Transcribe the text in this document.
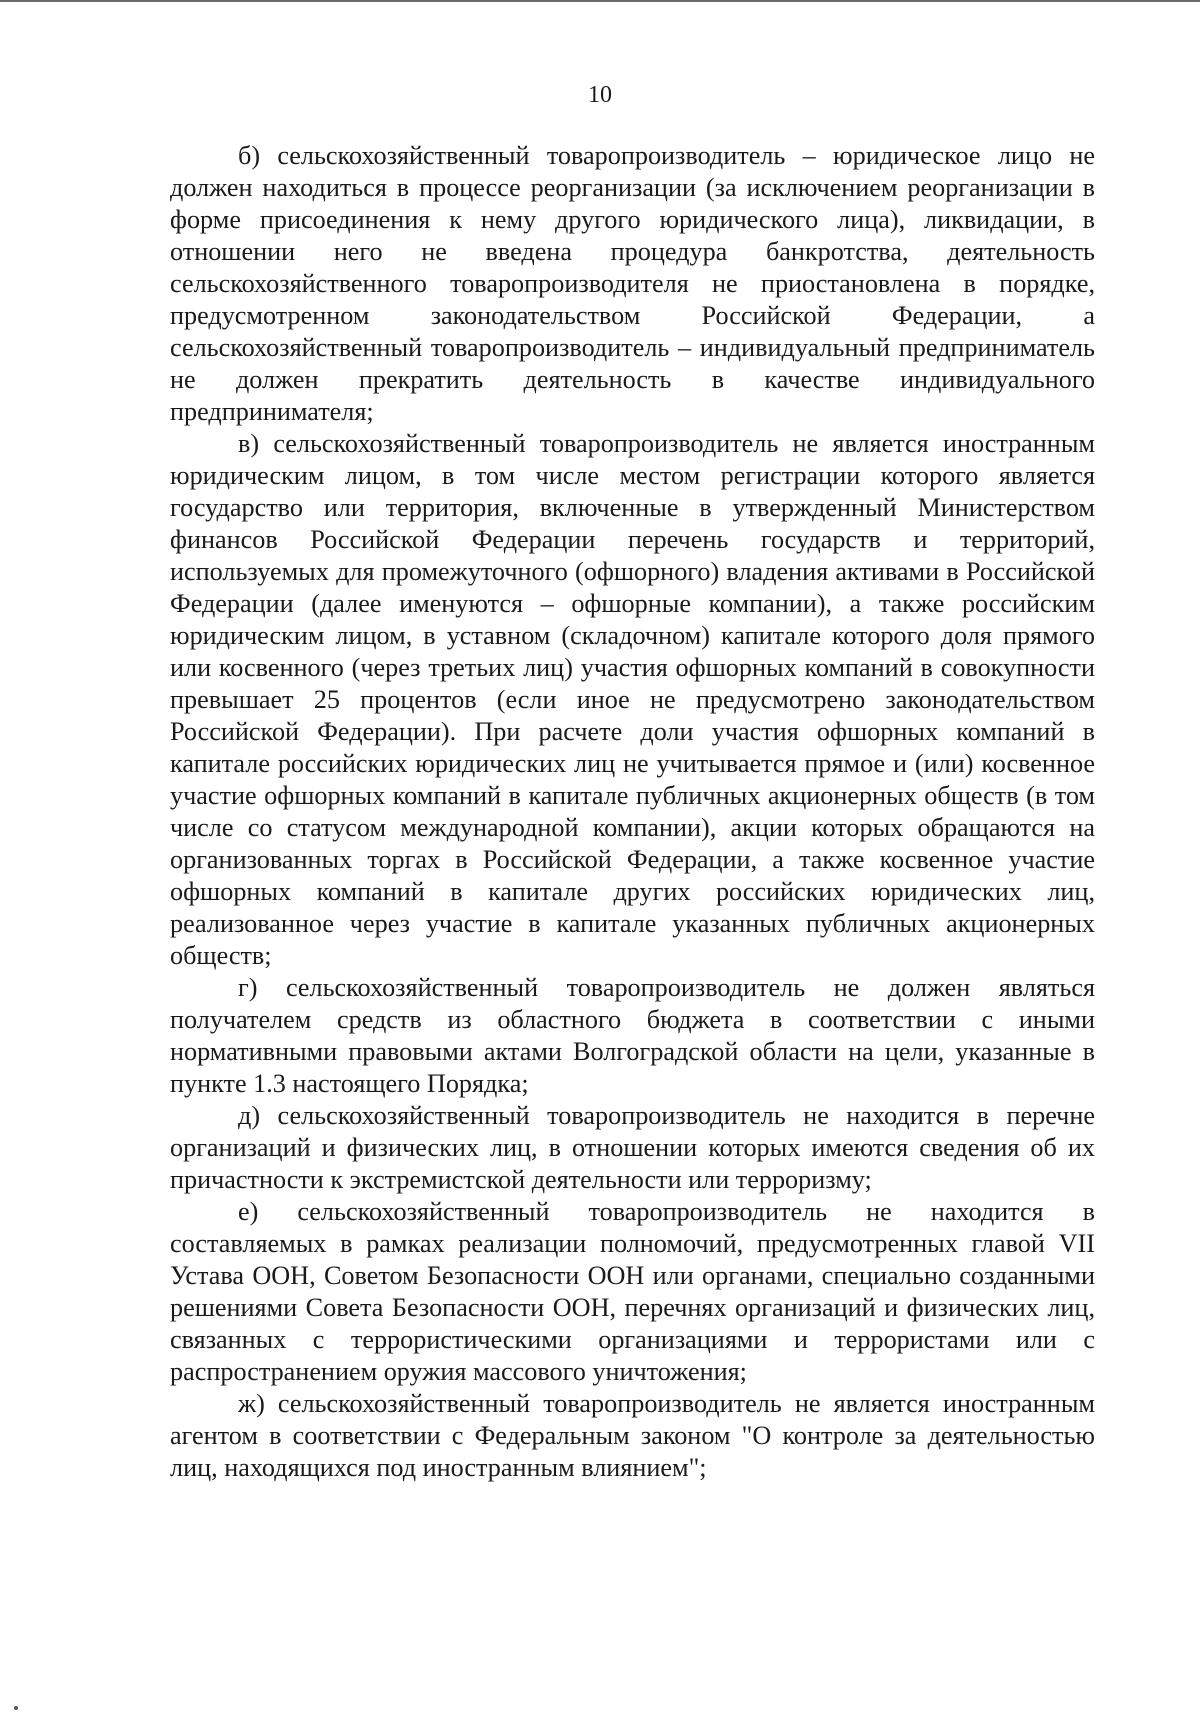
10

б) сельскохозяйственный товаропроизводитель – юридическое лицо не должен находиться в процессе реорганизации (за исключением реорганизации в форме присоединения к нему другого юридического лица), ликвидации, в отношении него не введена процедура банкротства, деятельность сельскохозяйственного товаропроизводителя не приостановлена в порядке, предусмотренном законодательством Российской Федерации, а сельскохозяйственный товаропроизводитель – индивидуальный предприниматель не должен прекратить деятельность в качестве индивидуального предпринимателя;

в) сельскохозяйственный товаропроизводитель не является иностранным юридическим лицом, в том числе местом регистрации которого является государство или территория, включенные в утвержденный Министерством финансов Российской Федерации перечень государств и территорий, используемых для промежуточного (офшорного) владения активами в Российской Федерации (далее именуются – офшорные компании), а также российским юридическим лицом, в уставном (складочном) капитале которого доля прямого или косвенного (через третьих лиц) участия офшорных компаний в совокупности превышает 25 процентов (если иное не предусмотрено законодательством Российской Федерации). При расчете доли участия офшорных компаний в капитале российских юридических лиц не учитывается прямое и (или) косвенное участие офшорных компаний в капитале публичных акционерных обществ (в том числе со статусом международной компании), акции которых обращаются на организованных торгах в Российской Федерации, а также косвенное участие офшорных компаний в капитале других российских юридических лиц, реализованное через участие в капитале указанных публичных акционерных обществ;

г) сельскохозяйственный товаропроизводитель не должен являться получателем средств из областного бюджета в соответствии с иными нормативными правовыми актами Волгоградской области на цели, указанные в пункте 1.3 настоящего Порядка;

д) сельскохозяйственный товаропроизводитель не находится в перечне организаций и физических лиц, в отношении которых имеются сведения об их причастности к экстремистской деятельности или терроризму;

е) сельскохозяйственный товаропроизводитель не находится в составляемых в рамках реализации полномочий, предусмотренных главой VII Устава ООН, Советом Безопасности ООН или органами, специально созданными решениями Совета Безопасности ООН, перечнях организаций и физических лиц, связанных с террористическими организациями и террористами или с распространением оружия массового уничтожения;

ж) сельскохозяйственный товаропроизводитель не является иностранным агентом в соответствии с Федеральным законом "О контроле за деятельностью лиц, находящихся под иностранным влиянием";
